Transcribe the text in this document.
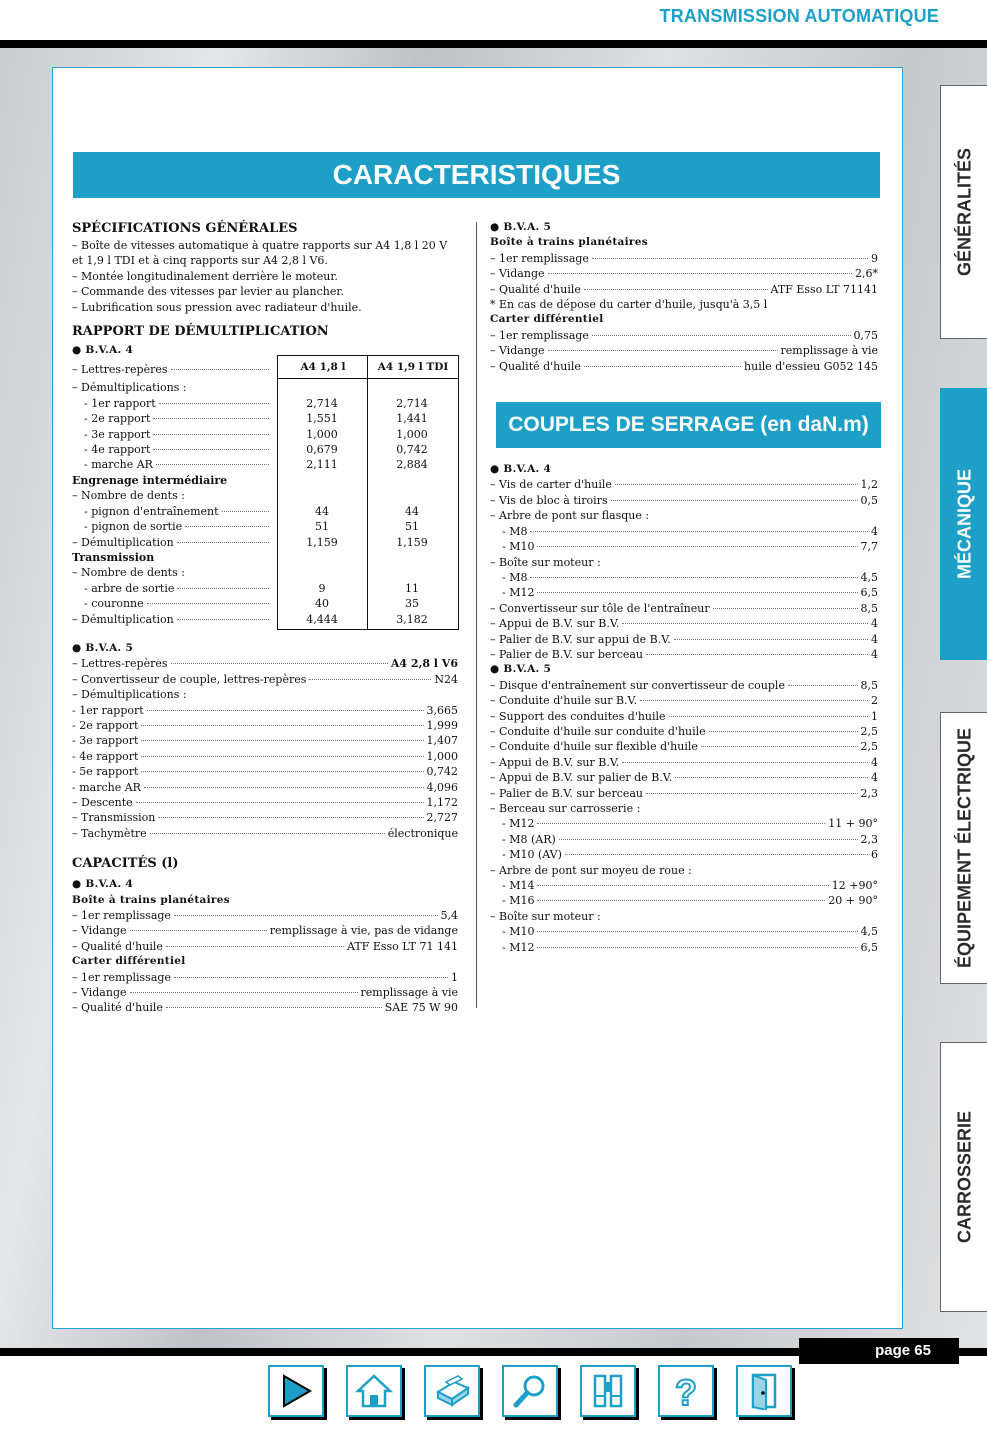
TRANSMISSION AUTOMATIQUE
CARACTERISTIQUES
COUPLES DE SERRAGE (en daN.m)
SPÉCIFICATIONS GÉNÉRALES
– Boîte de vitesses automatique à quatre rapports sur A4 1,8 l 20 V
et 1,9 l TDI et à cinq rapports sur A4 2,8 l V6.
– Montée longitudinalement derrière le moteur.
– Commande des vitesses par levier au plancher.
– Lubrification sous pression avec radiateur d'huile.
RAPPORT DE DÉMULTIPLICATION
● B.V.A. 4
A4 1,8 l	A4 1,9 l TDI
– Lettres-repères
– Démultiplications :
- 1er rapport	2,714	2,714
- 2e rapport	1,551	1,441
- 3e rapport	1,000	1,000
- 4e rapport	0,679	0,742
- marche AR	2,111	2,884
Engrenage intermédiaire
– Nombre de dents :
- pignon d'entraînement	44	44
- pignon de sortie	51	51
– Démultiplication	1,159	1,159
Transmission
– Nombre de dents :
- arbre de sortie	9	11
- couronne	40	35
– Démultiplication	4,444	3,182
● B.V.A. 5
– Lettres-repères	A4 2,8 l V6
– Convertisseur de couple, lettres-repères	N24
– Démultiplications :
- 1er rapport	3,665
- 2e rapport	1,999
- 3e rapport	1,407
- 4e rapport	1,000
- 5e rapport	0,742
- marche AR	4,096
– Descente	1,172
– Transmission	2,727
– Tachymètre	électronique
CAPACITÉS (l)
● B.V.A. 4
Boîte à trains planétaires
– 1er remplissage	5,4
– Vidange	remplissage à vie, pas de vidange
– Qualité d'huile	ATF Esso LT 71 141
Carter différentiel
– 1er remplissage	1
– Vidange	remplissage à vie
– Qualité d'huile	SAE 75 W 90
● B.V.A. 5
Boîte à trains planétaires
– 1er remplissage	9
– Vidange	2,6*
– Qualité d'huile	ATF Esso LT 71141
* En cas de dépose du carter d'huile, jusqu'à 3,5 l
Carter différentiel
– 1er remplissage	0,75
– Vidange	remplissage à vie
– Qualité d'huile	huile d'essieu G052 145
● B.V.A. 4
– Vis de carter d'huile	1,2
– Vis de bloc à tiroirs	0,5
– Arbre de pont sur flasque :
- M8	4
- M10	7,7
– Boîte sur moteur :
- M8	4,5
- M12	6,5
– Convertisseur sur tôle de l'entraîneur	8,5
– Appui de B.V. sur B.V.	4
– Palier de B.V. sur appui de B.V.	4
– Palier de B.V. sur berceau	4
● B.V.A. 5
– Disque d'entraînement sur convertisseur de couple	8,5
– Conduite d'huile sur B.V.	2
– Support des conduites d'huile	1
– Conduite d'huile sur conduite d'huile	2,5
– Conduite d'huile sur flexible d'huile	2,5
– Appui de B.V. sur B.V.	4
– Appui de B.V. sur palier de B.V.	4
– Palier de B.V. sur berceau	2,3
– Berceau sur carrosserie :
- M12	11 + 90°
- M8 (AR)	2,3
- M10 (AV)	6
– Arbre de pont sur moyeu de roue :
- M14	12 +90°
- M16	20 + 90°
– Boîte sur moteur :
- M10	4,5
- M12	6,5
GÉNÉRALITÉS
MÉCANIQUE
ÉQUIPEMENT ÉLECTRIQUE
CARROSSERIE
page 65
?
